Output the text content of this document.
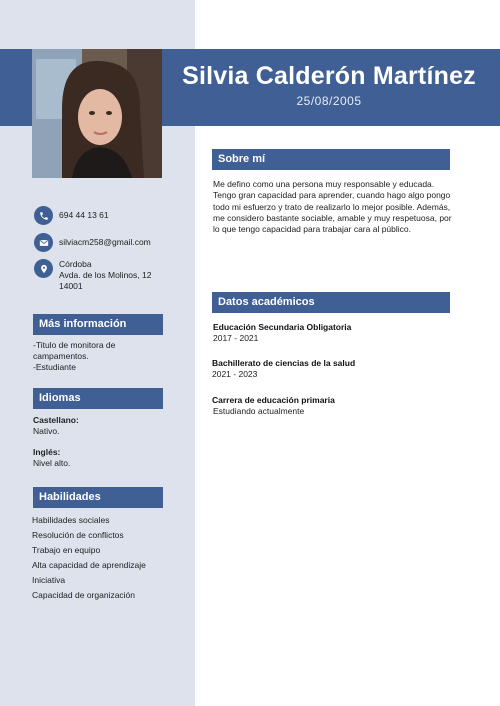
Silvia Calderón Martínez
25/08/2005
694 44 13 61
silviacm258@gmail.com
Córdoba
Avda. de los Molinos, 12
14001
Más información
-Titulo de monitora de
campamentos.
-Estudiante
Idiomas
Castellano:
Nativo.
Inglés:
Nivel alto.
Habilidades
Habilidades sociales
Resolución de conflictos
Trabajo en equipo
Alta capacidad de aprendizaje
Iniciativa
Capacidad de organización
Sobre mí
Me defino como una persona muy responsable y educada. Tengo gran capacidad para aprender, cuando hago algo pongo todo mi esfuerzo y trato de realizarlo lo mejor posible. Además, me considero bastante sociable, amable y muy respetuosa, por lo que tengo capacidad para trabajar cara al público.
Datos académicos
Educación Secundaria Obligatoria
2017 - 2021
Bachillerato de ciencias de la salud
2021 - 2023
Carrera de educación primaria
Estudiando actualmente
